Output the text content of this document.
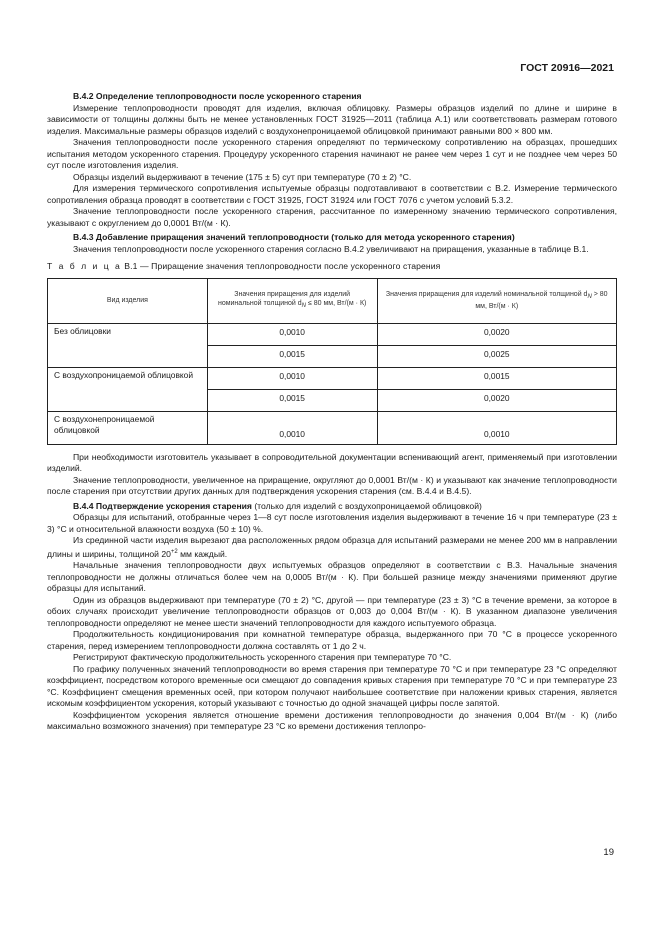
ГОСТ 20916—2021

В.4.2 Определение теплопроводности после ускоренного старения

Измерение теплопроводности проводят для изделия, включая облицовку. Размеры образцов изделий по длине и ширине в зависимости от толщины должны быть не менее установленных ГОСТ 31925—2011 (таблица А.1) или соответствовать размерам готового изделия. Максимальные размеры образцов изделий с воздухонепроницаемой облицовкой принимают равными 800 × 800 мм.

Значения теплопроводности после ускоренного старения определяют по термическому сопротивлению на образцах, прошедших испытания методом ускоренного старения. Процедуру ускоренного старения начинают не ранее чем через 1 сут и не позднее чем через 50 сут после изготовления изделия.

Образцы изделий выдерживают в течение (175 ± 5) сут при температуре (70 ± 2) °С.

Для измерения термического сопротивления испытуемые образцы подготавливают в соответствии с В.2. Измерение термического сопротивления образца проводят в соответствии с ГОСТ 31925, ГОСТ 31924 или ГОСТ 7076 с учетом условий 5.3.2.

Значение теплопроводности после ускоренного старения, рассчитанное по измеренному значению термического сопротивления, указывают с округлением до 0,0001 Вт/(м · К).

В.4.3 Добавление приращения значений теплопроводности (только для метода ускоренного старения)

Значения теплопроводности после ускоренного старения согласно В.4.2 увеличивают на приращения, указанные в таблице В.1.

Т а б л и ц а В.1 — Приращение значения теплопроводности после ускоренного старения

Вид изделия	Значения приращения для изделий номинальной толщиной dN ≤ 80 мм, Вт/(м · К)	Значения приращения для изделий номинальной толщиной dN > 80 мм, Вт/(м · К)
Без облицовки	0,0010	0,0020
	0,0015	0,0025
С воздухопроницаемой облицовкой	0,0010	0,0015
	0,0015	0,0020
С воздухонепроницаемой облицовкой	0,0010	0,0010

При необходимости изготовитель указывает в сопроводительной документации вспенивающий агент, применяемый при изготовлении изделий.

Значение теплопроводности, увеличенное на приращение, округляют до 0,0001 Вт/(м · К) и указывают как значение теплопроводности после старения при отсутствии других данных для подтверждения ускорения старения (см. В.4.4 и В.4.5).

В.4.4 Подтверждение ускорения старения (только для изделий с воздухопроницаемой облицовкой)

Образцы для испытаний, отобранные через 1—8 сут после изготовления изделия выдерживают в течение 16 ч при температуре (23 ± 3) °С и относительной влажности воздуха (50 ± 10) %.

Из срединной части изделия вырезают два расположенных рядом образца для испытаний размерами не менее 200 мм в направлении длины и ширины, толщиной $20^{+2}$ мм каждый.

Начальные значения теплопроводности двух испытуемых образцов определяют в соответствии с В.3. Начальные значения теплопроводности не должны отличаться более чем на 0,0005 Вт/(м · К). При большей разнице между значениями применяют другие образцы для испытаний.

Один из образцов выдерживают при температуре (70 ± 2) °С, другой — при температуре (23 ± 3) °С в течение времени, за которое в обоих случаях происходит увеличение теплопроводности образцов от 0,003 до 0,004 Вт/(м · К). В указанном диапазоне увеличения теплопроводности определяют не менее шести значений теплопроводности для каждого испытуемого образца.

Продолжительность кондиционирования при комнатной температуре образца, выдержанного при 70 °С в процессе ускоренного старения, перед измерением теплопроводности должна составлять от 1 до 2 ч.

Регистрируют фактическую продолжительность ускоренного старения при температуре 70 °С.

По графику полученных значений теплопроводности во время старения при температуре 70 °С и при температуре 23 °С определяют коэффициент, посредством которого временные оси смещают до совпадения кривых старения при температуре 70 °С и при температуре 23 °С. Коэффициент смещения временных осей, при котором получают наибольшее соответствие при наложении кривых старения, является искомым коэффициентом ускорения, который указывают с точностью до одной значащей цифры после запятой.

Коэффициентом ускорения является отношение времени достижения теплопроводности до значения 0,004 Вт/(м · К) (либо максимально возможного значения) при температуре 23 °С ко времени достижения теплопро-

19
